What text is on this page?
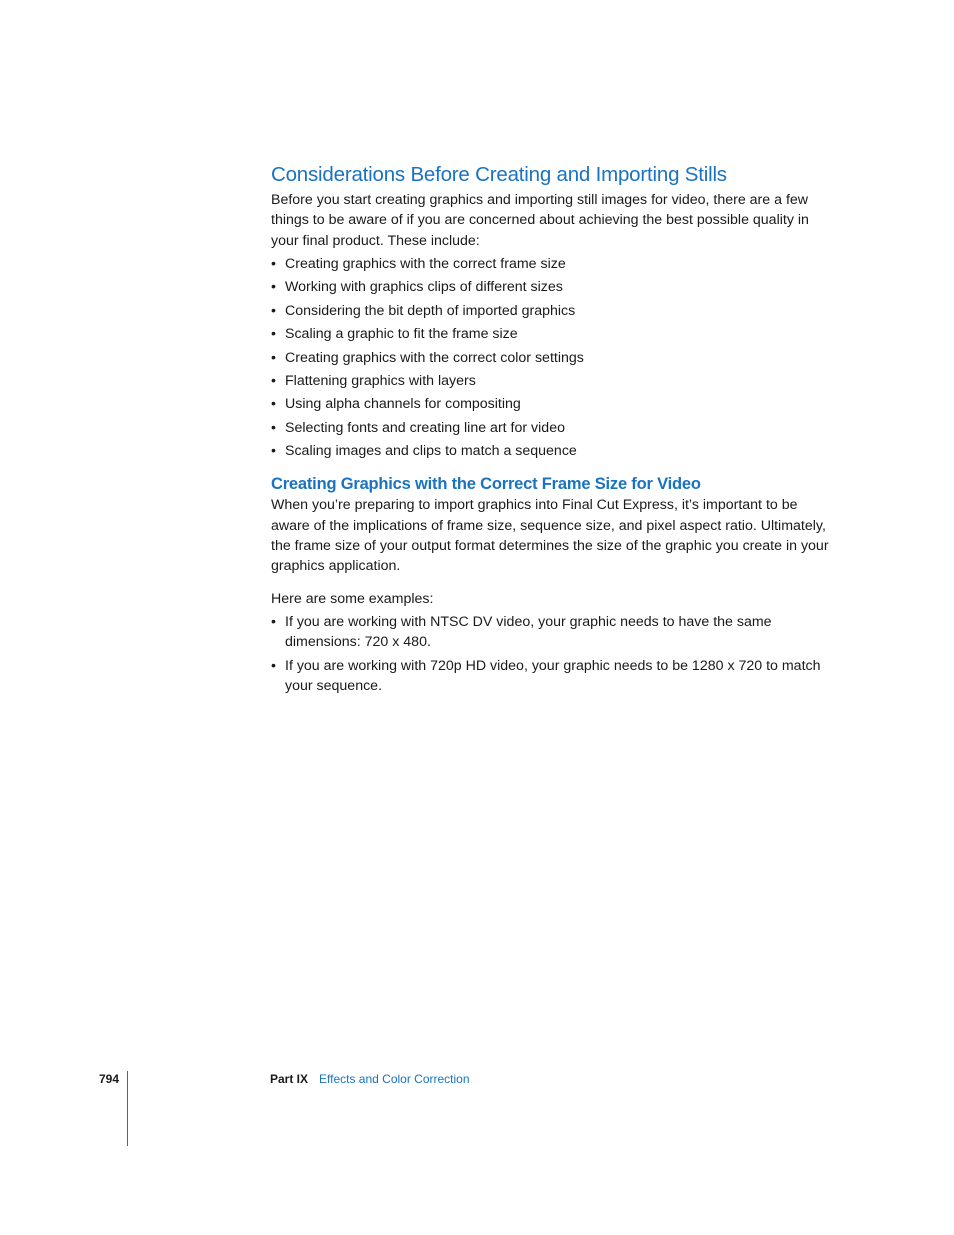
Considerations Before Creating and Importing Stills

Before you start creating graphics and importing still images for video, there are a few things to be aware of if you are concerned about achieving the best possible quality in your final product. These include:

• Creating graphics with the correct frame size
• Working with graphics clips of different sizes
• Considering the bit depth of imported graphics
• Scaling a graphic to fit the frame size
• Creating graphics with the correct color settings
• Flattening graphics with layers
• Using alpha channels for compositing
• Selecting fonts and creating line art for video
• Scaling images and clips to match a sequence
Creating Graphics with the Correct Frame Size for Video

When you’re preparing to import graphics into Final Cut Express, it’s important to be aware of the implications of frame size, sequence size, and pixel aspect ratio. Ultimately, the frame size of your output format determines the size of the graphic you create in your graphics application.

Here are some examples:

• If you are working with NTSC DV video, your graphic needs to have the same dimensions: 720 x 480.
• If you are working with 720p HD video, your graphic needs to be 1280 x 720 to match your sequence.
794	Part IX Effects and Color Correction
